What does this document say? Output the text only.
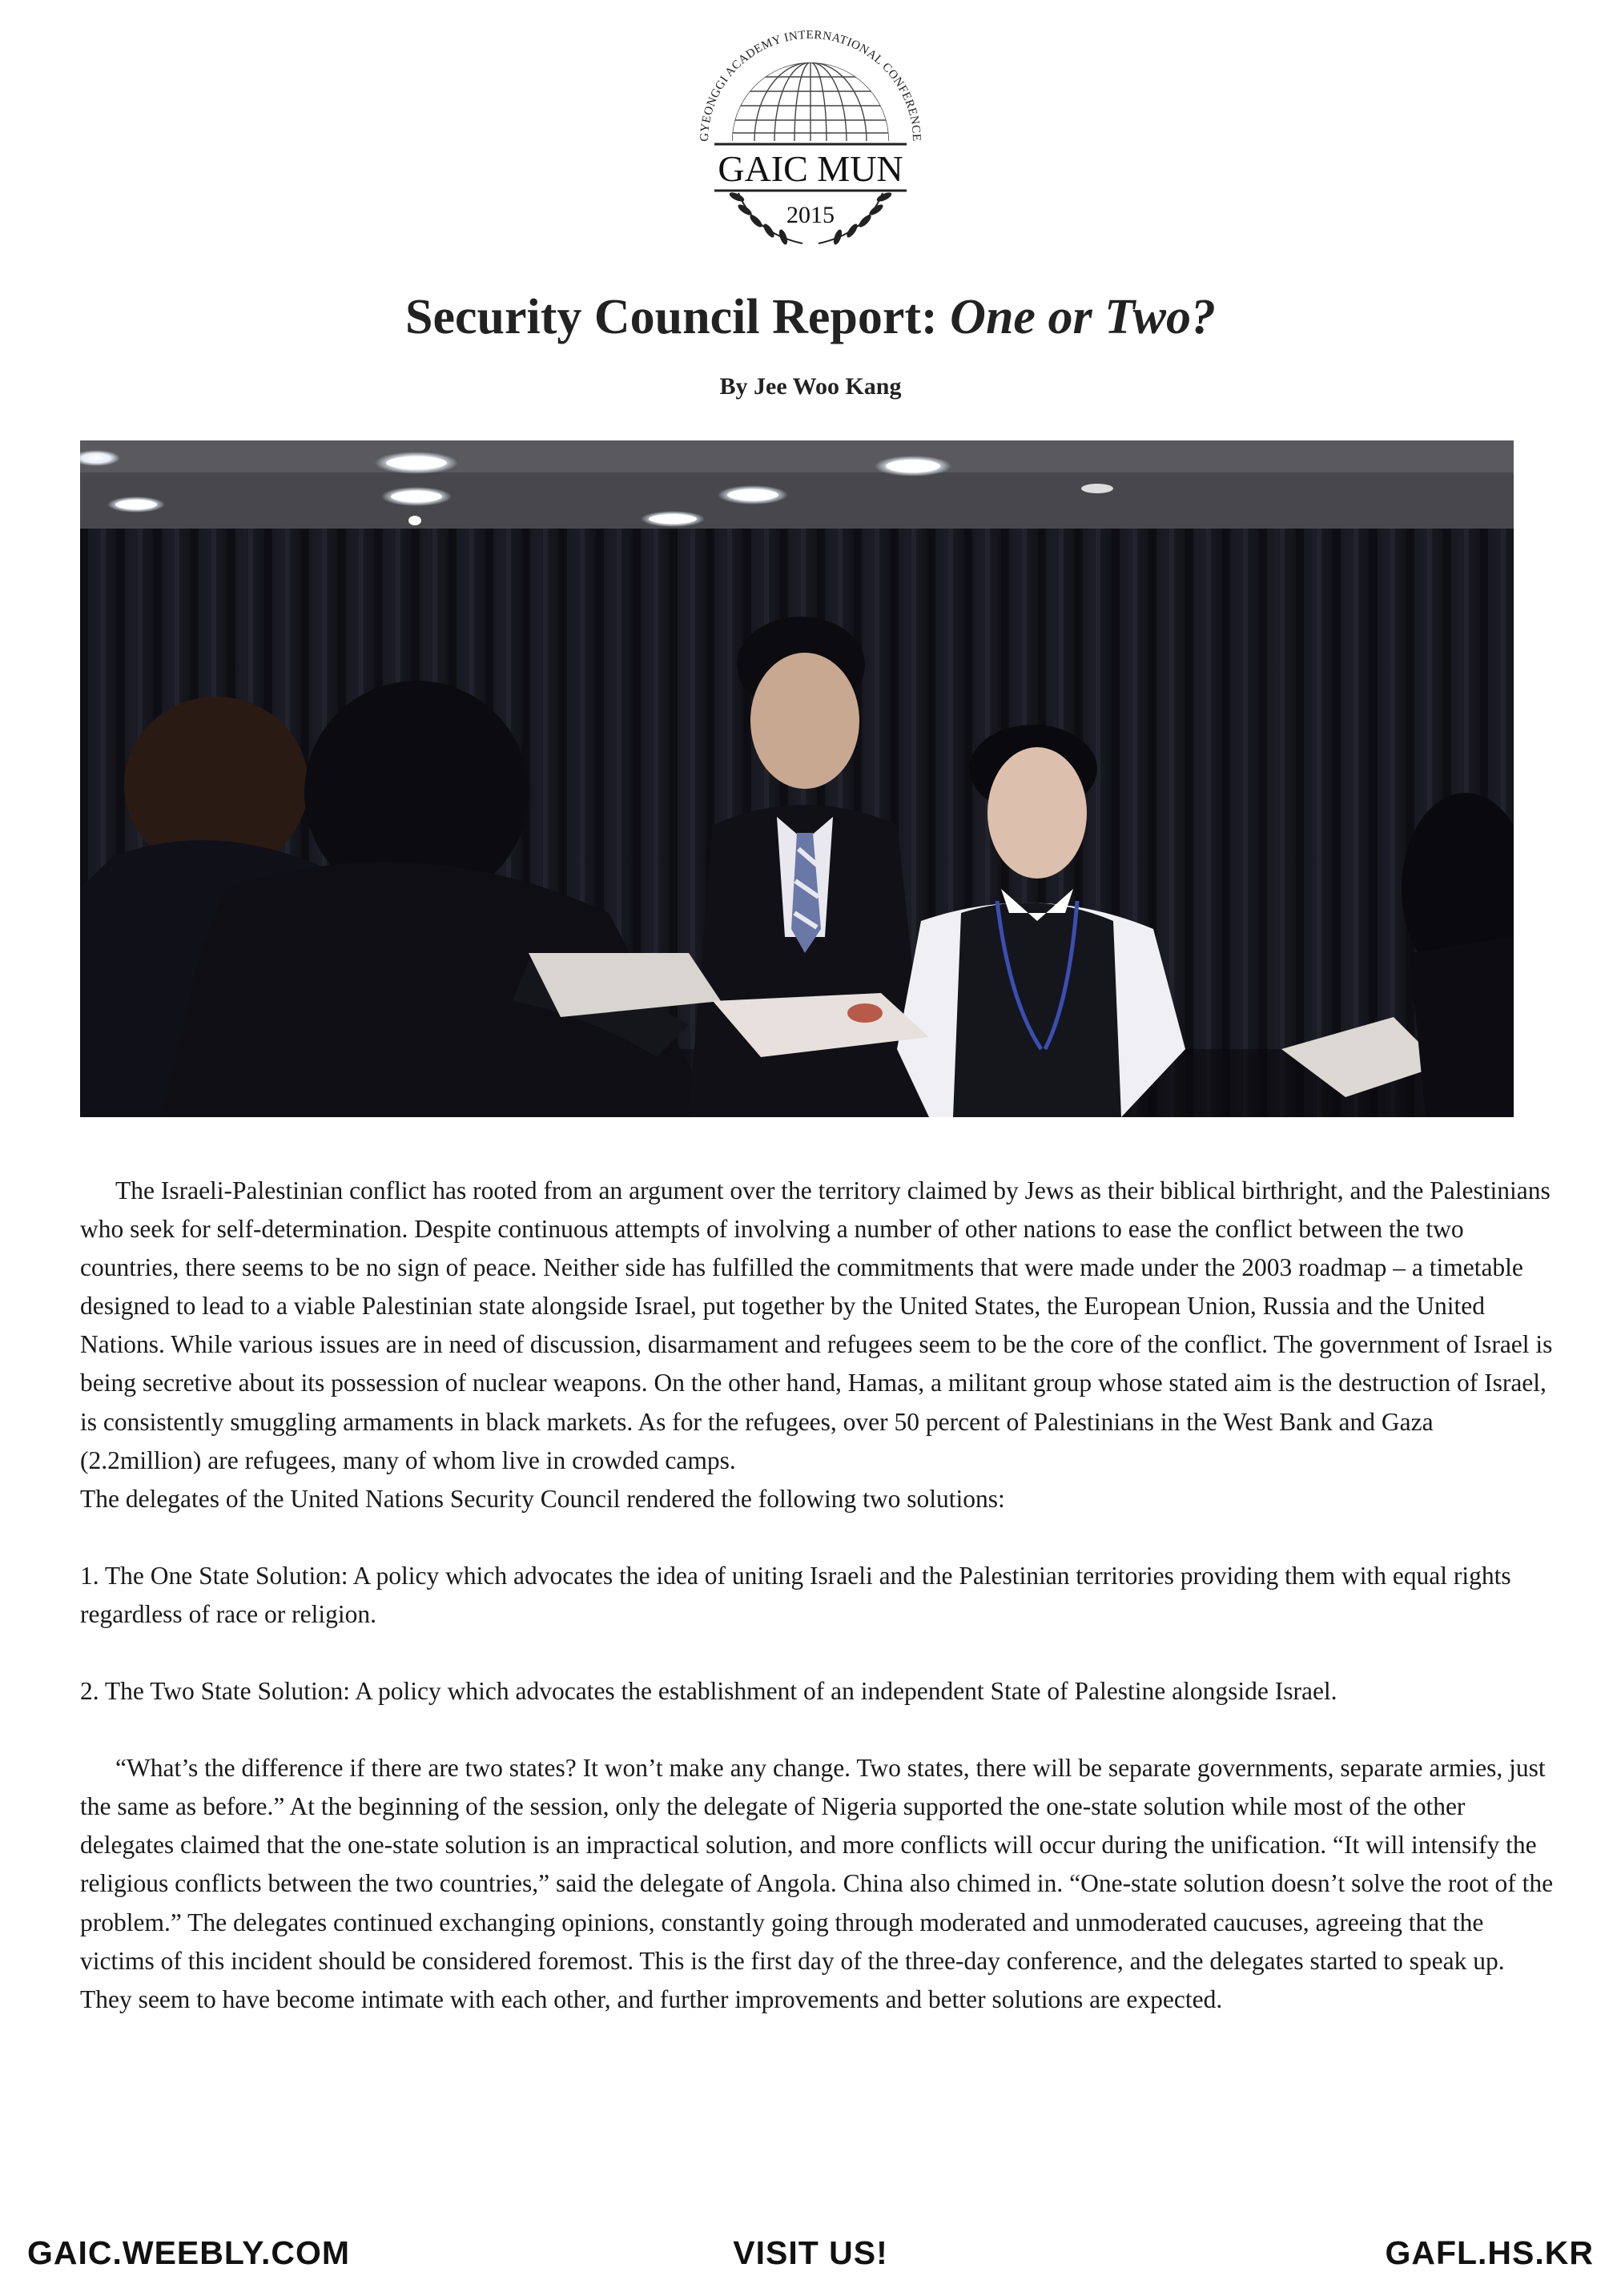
GYEONGGI ACADEMY INTERNATIONAL CONFERENCE
GAIC MUN
2015
Security Council Report: One or Two?
By Jee Woo Kang

The Israeli-Palestinian conflict has rooted from an argument over the territory claimed by Jews as their biblical birthright, and the Palestinians who seek for self-determination. Despite continuous attempts of involving a number of other nations to ease the conflict between the two countries, there seems to be no sign of peace. Neither side has fulfilled the commitments that were made under the 2003 roadmap – a timetable designed to lead to a viable Palestinian state alongside Israel, put together by the United States, the European Union, Russia and the United Nations. While various issues are in need of discussion, disarmament and refugees seem to be the core of the conflict. The government of Israel is being secretive about its possession of nuclear weapons. On the other hand, Hamas, a militant group whose stated aim is the destruction of Israel, is consistently smuggling armaments in black markets. As for the refugees, over 50 percent of Palestinians in the West Bank and Gaza (2.2million) are refugees, many of whom live in crowded camps.

The delegates of the United Nations Security Council rendered the following two solutions:

1. The One State Solution: A policy which advocates the idea of uniting Israeli and the Palestinian territories providing them with equal rights regardless of race or religion.

2. The Two State Solution: A policy which advocates the establishment of an independent State of Palestine alongside Israel.

“What’s the difference if there are two states? It won’t make any change. Two states, there will be separate governments, separate armies, just the same as before.” At the beginning of the session, only the delegate of Nigeria supported the one-state solution while most of the other delegates claimed that the one-state solution is an impractical solution, and more conflicts will occur during the unification. “It will intensify the religious conflicts between the two countries,” said the delegate of Angola. China also chimed in. “One-state solution doesn’t solve the root of the problem.” The delegates continued exchanging opinions, constantly going through moderated and unmoderated caucuses, agreeing that the victims of this incident should be considered foremost. This is the first day of the three-day conference, and the delegates started to speak up. They seem to have become intimate with each other, and further improvements and better solutions are expected.

GAIC.WEEBLY.COM	VISIT US!	GAFL.HS.KR
